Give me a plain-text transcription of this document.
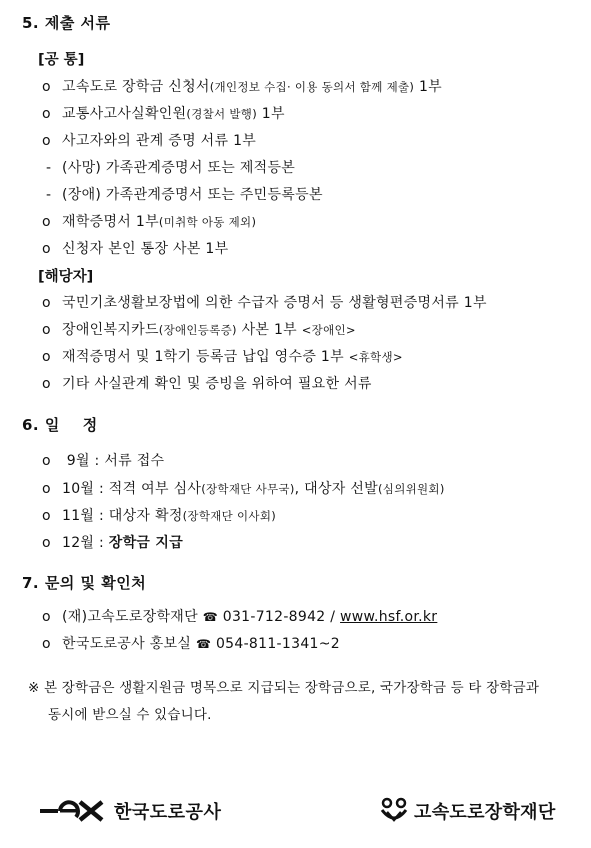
5. 제출 서류
[공 통]
o 고속도로 장학금 신청서(개인정보 수집· 이용 동의서 함께 제출) 1부
o 교통사고사실확인원(경찰서 발행) 1부
o 사고자와의 관계 증명 서류 1부
- (사망) 가족관계증명서 또는 제적등본
- (장애) 가족관계증명서 또는 주민등록등본
o 재학증명서 1부(미취학 아동 제외)
o 신청자 본인 통장 사본 1부
[해당자]
o 국민기초생활보장법에 의한 수급자 증명서 등 생활형편증명서류 1부
o 장애인복지카드(장애인등록증) 사본 1부 <장애인>
o 재적증명서 및 1학기 등록금 납입 영수증 1부 <휴학생>
o 기타 사실관계 확인 및 증빙을 위하여 필요한 서류
6. 일    정
o 9월 : 서류 접수
o 10월 : 적격 여부 심사(장학재단 사무국), 대상자 선발(심의위원회)
o 11월 : 대상자 확정(장학재단 이사회)
o 12월 : 장학금 지급
7. 문의 및 확인처
o (재)고속도로장학재단 ☎ 031-712-8942 / www.hsf.or.kr
o 한국도로공사 홍보실 ☎ 054-811-1341~2
※ 본 장학금은 생활지원금 명목으로 지급되는 장학금으로, 국가장학금 등 타 장학금과
동시에 받으실 수 있습니다.
한국도로공사	고속도로장학재단
